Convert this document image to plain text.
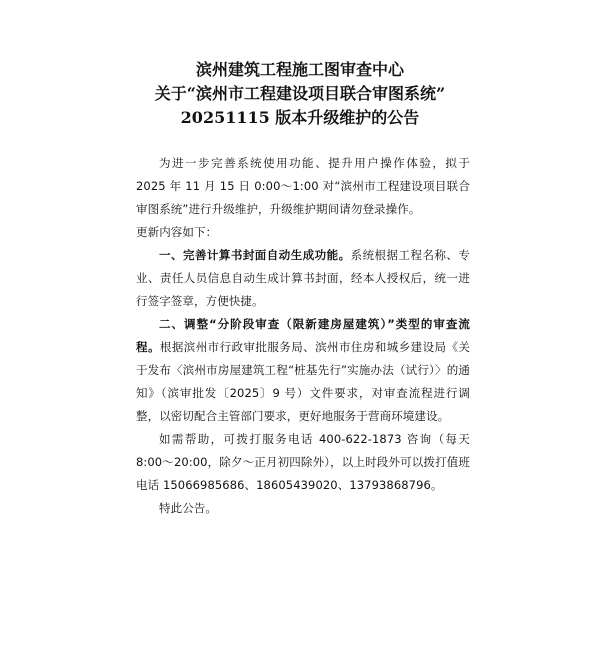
滨州建筑工程施工图审查中心
关于“滨州市工程建设项目联合审图系统”
20251115 版本升级维护的公告

为进一步完善系统使用功能、提升用户操作体验，拟于 2025 年 11 月 15 日 0:00～1:00 对“滨州市工程建设项目联合审图系统”进行升级维护，升级维护期间请勿登录操作。

更新内容如下：

一、完善计算书封面自动生成功能。系统根据工程名称、专业、责任人员信息自动生成计算书封面，经本人授权后，统一进行签字签章，方便快捷。

二、调整“分阶段审查（限新建房屋建筑）”类型的审查流程。根据滨州市行政审批服务局、滨州市住房和城乡建设局《关于发布〈滨州市房屋建筑工程“桩基先行”实施办法（试行）〉的通知》（滨审批发〔2025〕9 号）文件要求，对审查流程进行调整，以密切配合主管部门要求，更好地服务于营商环境建设。

如需帮助，可拨打服务电话 400-622-1873 咨询（每天 8:00～20:00，除夕～正月初四除外），以上时段外可以拨打值班电话 15066985686、18605439020、13793868796。

特此公告。
